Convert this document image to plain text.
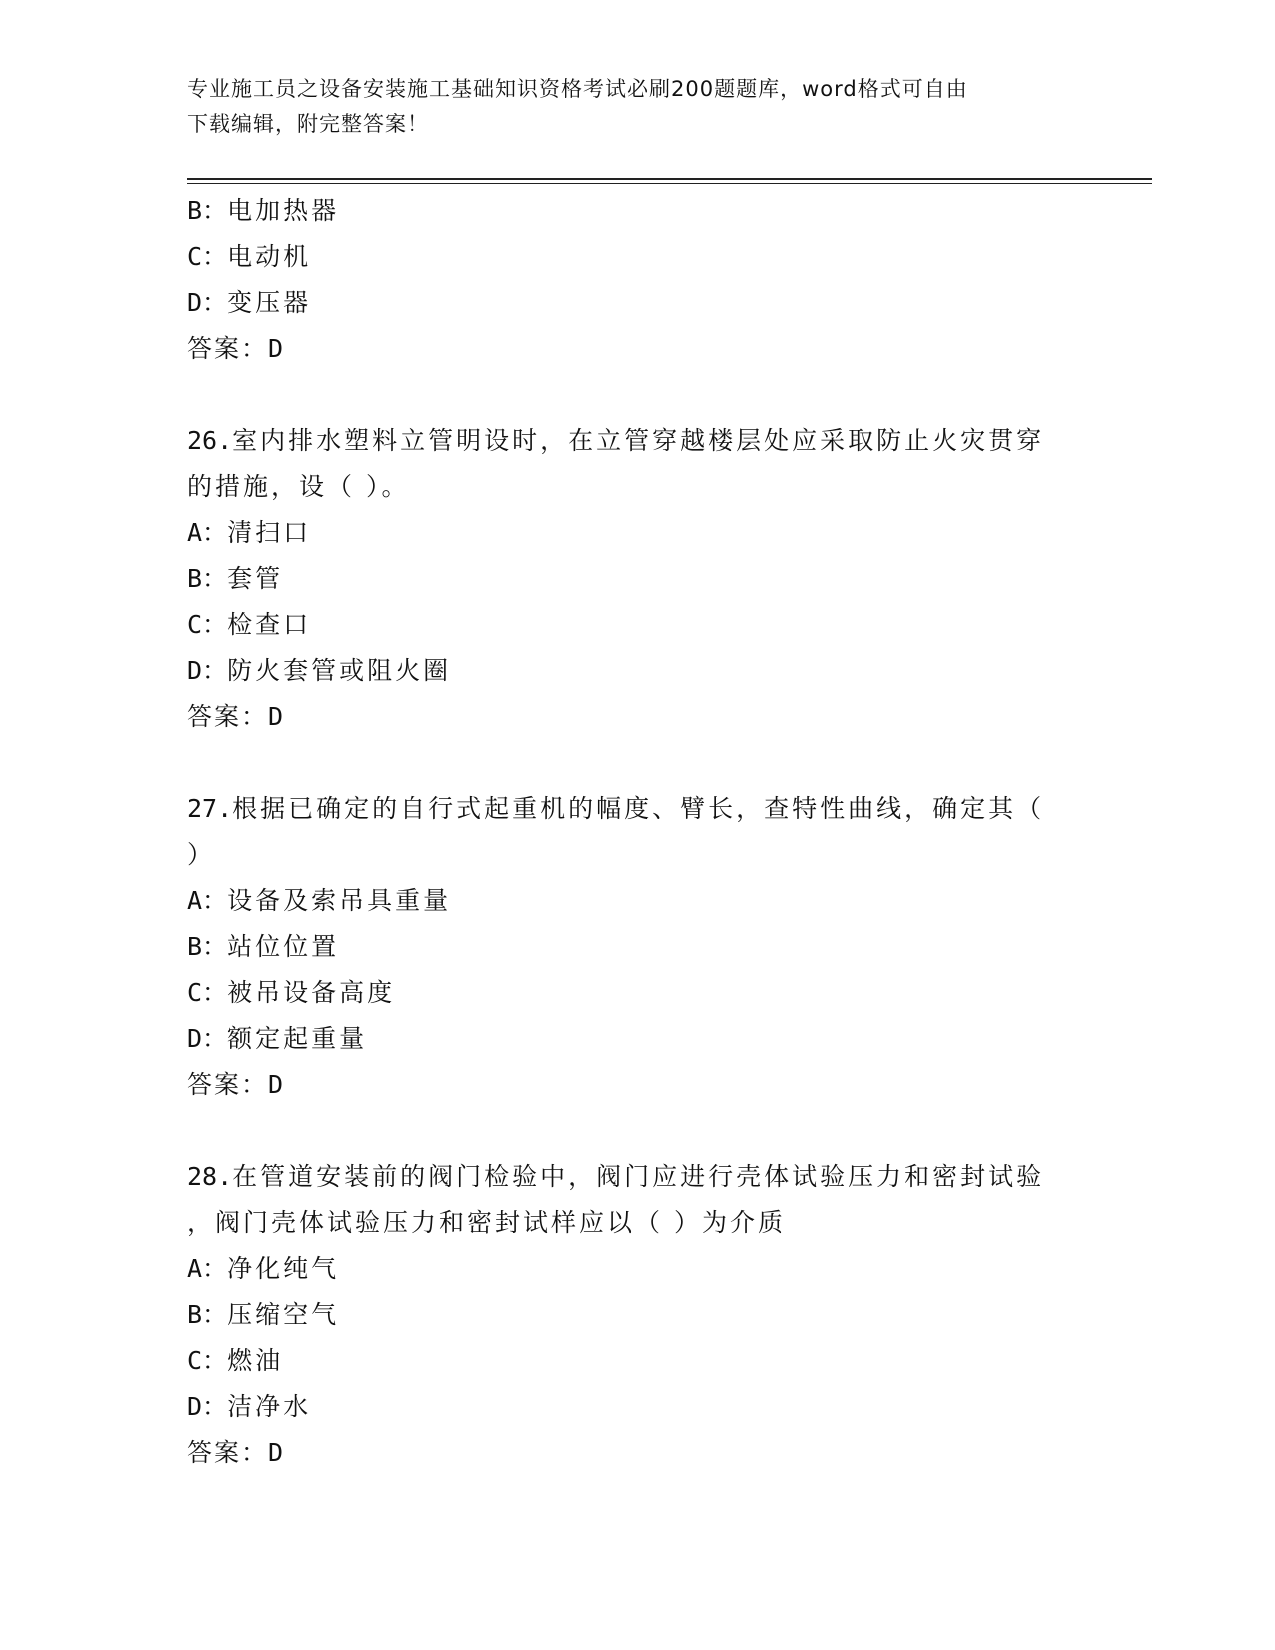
专业施工员之设备安装施工基础知识资格考试必刷200题题库，word格式可自由
下载编辑，附完整答案！
B：电加热器
C：电动机
D：变压器
答案：D
26.室内排水塑料立管明设时，在立管穿越楼层处应采取防止火灾贯穿
的措施，设（ ）。
A：清扫口
B：套管
C：检查口
D：防火套管或阻火圈
答案：D
27.根据已确定的自行式起重机的幅度、臂长，查特性曲线，确定其（
）
A：设备及索吊具重量
B：站位位置
C：被吊设备高度
D：额定起重量
答案：D
28.在管道安装前的阀门检验中，阀门应进行壳体试验压力和密封试验
，阀门壳体试验压力和密封试样应以（ ）为介质
A：净化纯气
B：压缩空气
C：燃油
D：洁净水
答案：D
